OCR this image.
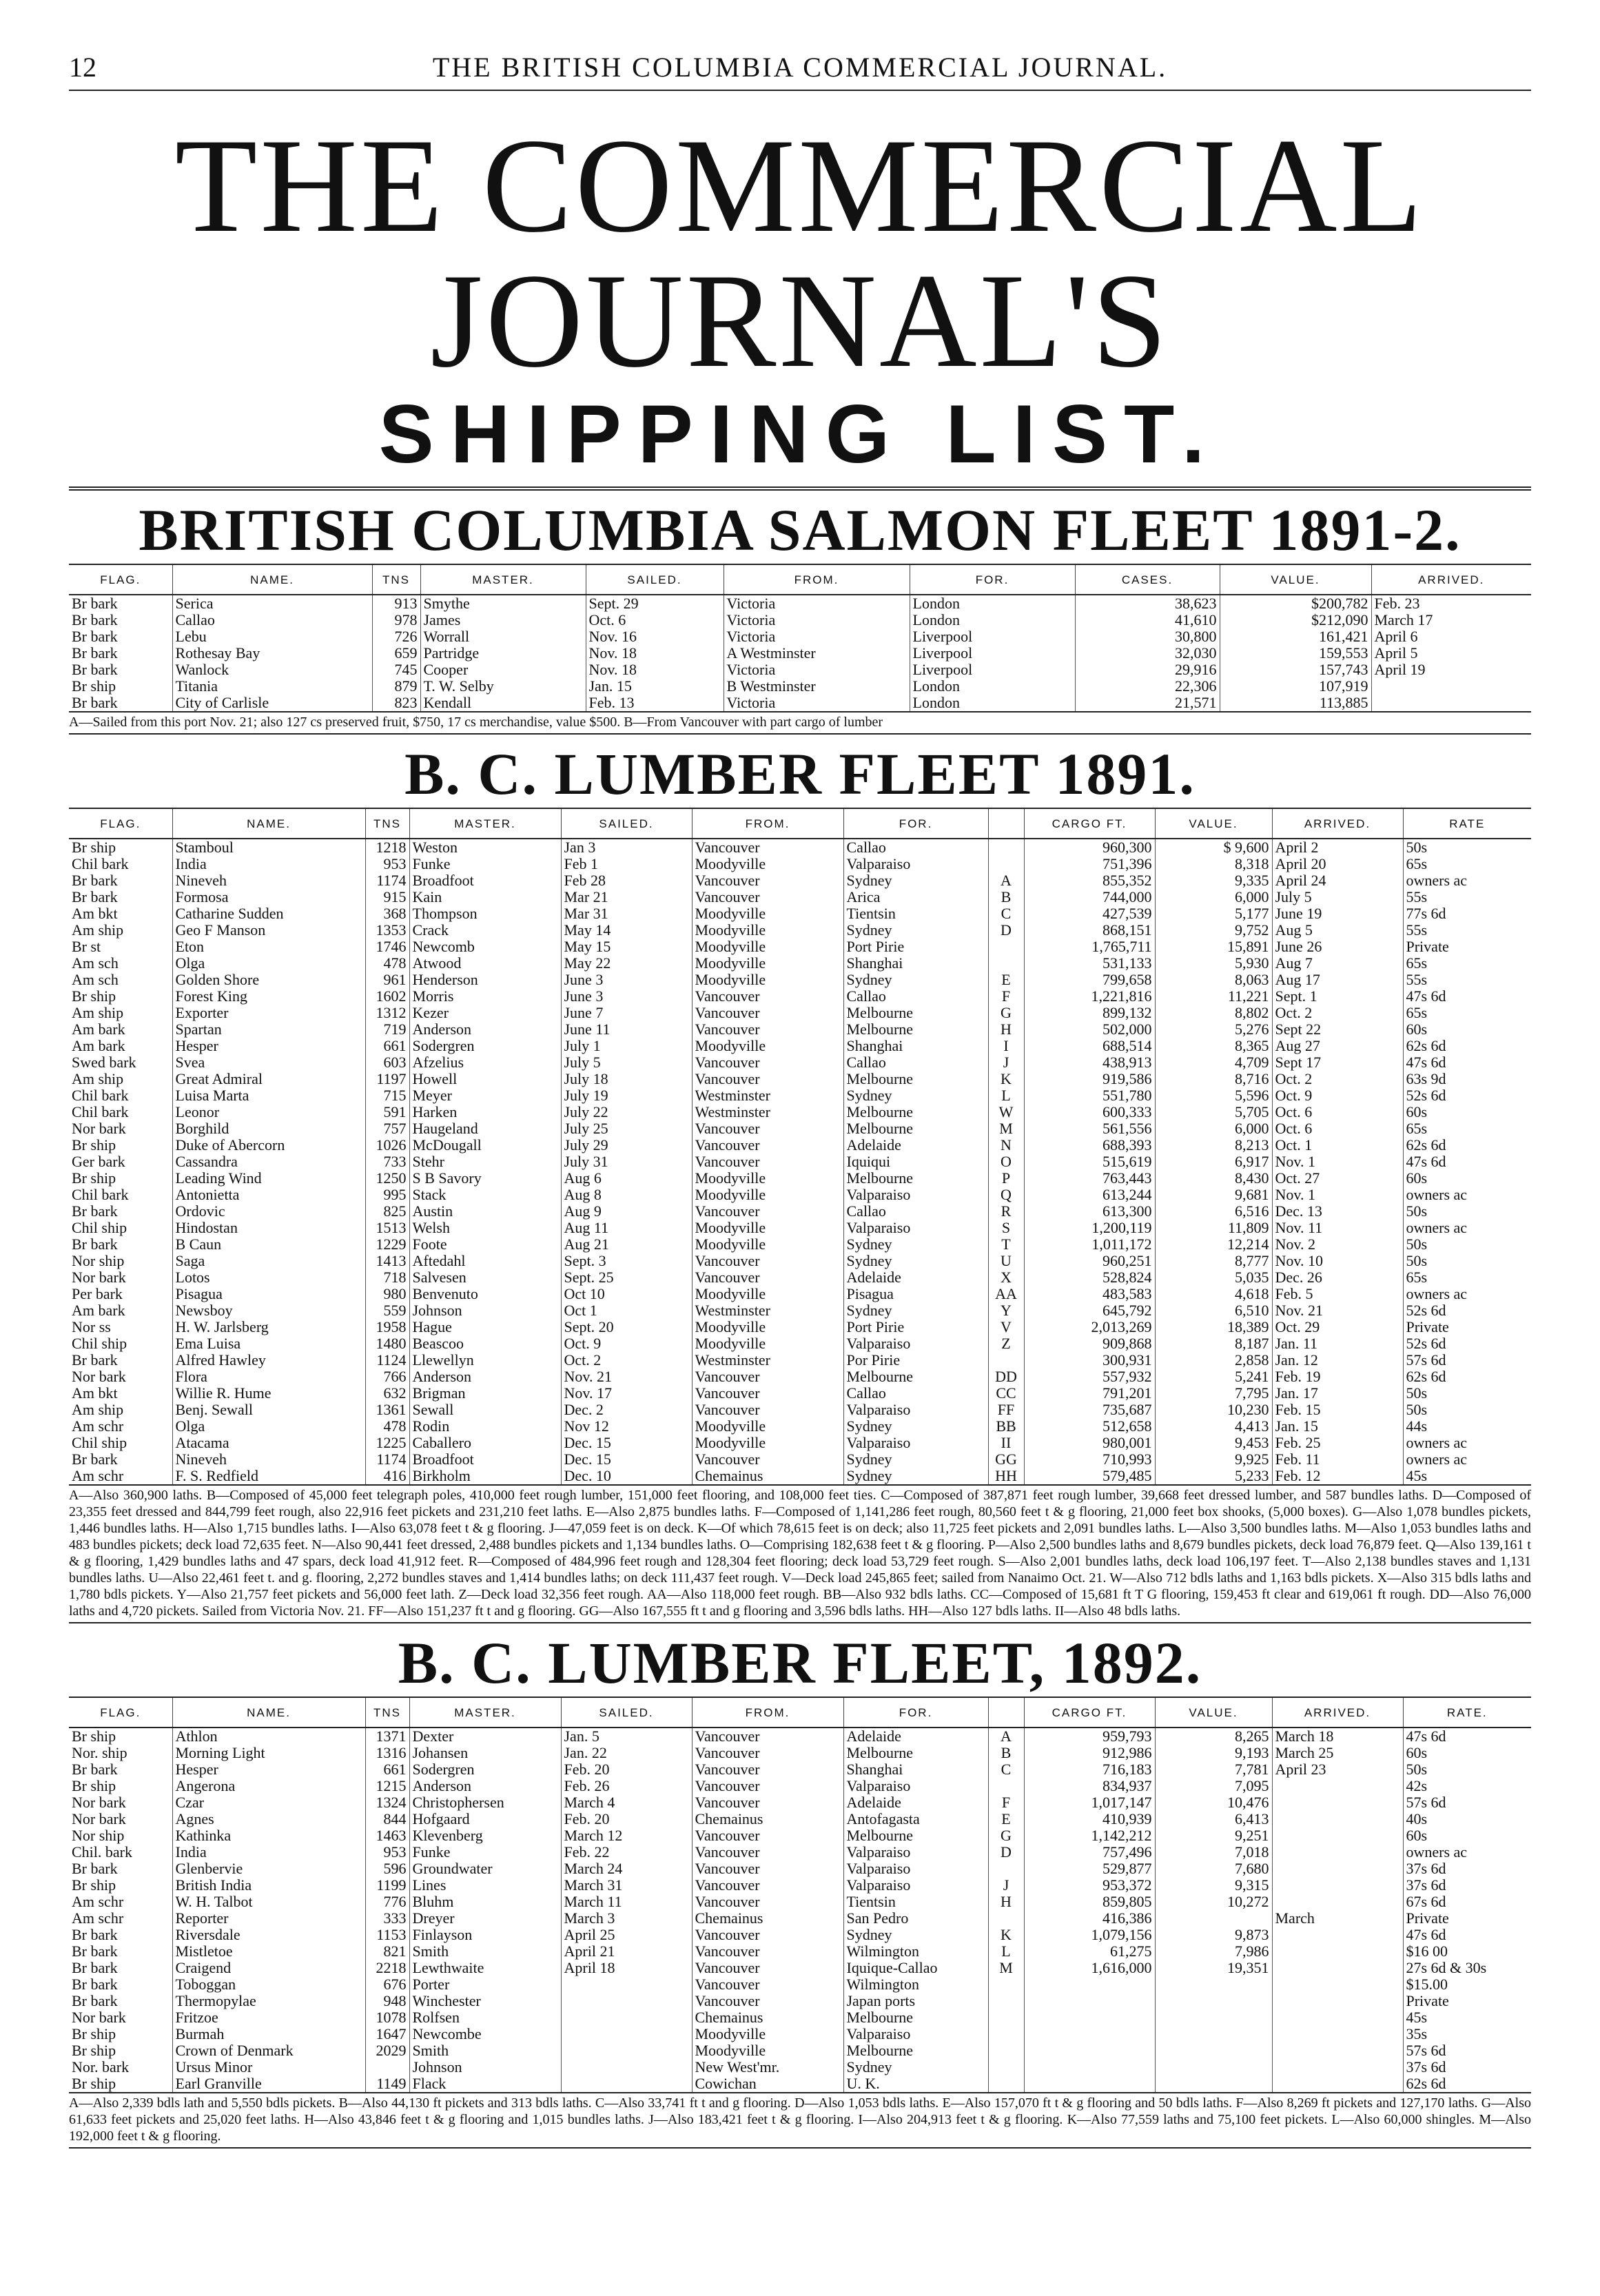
12	THE BRITISH COLUMBIA COMMERCIAL JOURNAL.
THE COMMERCIAL JOURNAL'S
SHIPPING LIST.
BRITISH COLUMBIA SALMON FLEET 1891-2.
FLAG.	NAME.	TNS	MASTER.	SAILED.	FROM.	FOR.	CASES.	VALUE.	ARRIVED.
Br bark	Serica	913	Smythe	Sept. 29	Victoria	London	38,623	$200,782	Feb. 23
Br bark	Callao	978	James	Oct. 6	Victoria	London	41,610	$212,090	March 17
Br bark	Lebu	726	Worrall	Nov. 16	Victoria	Liverpool	30,800	161,421	April 6
Br bark	Rothesay Bay	659	Partridge	Nov. 18	A Westminster	Liverpool	32,030	159,553	April 5
Br bark	Wanlock	745	Cooper	Nov. 18	Victoria	Liverpool	29,916	157,743	April 19
Br ship	Titania	879	T. W. Selby	Jan. 15	B Westminster	London	22,306	107,919	
Br bark	City of Carlisle	823	Kendall	Feb. 13	Victoria	London	21,571	113,885	

A—Sailed from this port Nov. 21; also 127 cs preserved fruit, $750, 17 cs merchandise, value $500. B—From Vancouver with part cargo of lumber

B. C. LUMBER FLEET 1891.
FLAG.	NAME.	TNS	MASTER.	SAILED.	FROM.	FOR.		CARGO FT.	VALUE.	ARRIVED.	RATE
Br ship	Stamboul	1218	Weston	Jan 3	Vancouver	Callao		960,300	$ 9,600	April 2	50s
Chil bark	India	953	Funke	Feb 1	Moodyville	Valparaiso		751,396	8,318	April 20	65s
Br bark	Nineveh	1174	Broadfoot	Feb 28	Vancouver	Sydney	A	855,352	9,335	April 24	owners ac
Br bark	Formosa	915	Kain	Mar 21	Vancouver	Arica	B	744,000	6,000	July 5	55s
Am bkt	Catharine Sudden	368	Thompson	Mar 31	Moodyville	Tientsin	C	427,539	5,177	June 19	77s 6d
Am ship	Geo F Manson	1353	Crack	May 14	Moodyville	Sydney	D	868,151	9,752	Aug 5	55s
Br st	Eton	1746	Newcomb	May 15	Moodyville	Port Pirie		1,765,711	15,891	June 26	Private
Am sch	Olga	478	Atwood	May 22	Moodyville	Shanghai		531,133	5,930	Aug 7	65s
Am sch	Golden Shore	961	Henderson	June 3	Moodyville	Sydney	E	799,658	8,063	Aug 17	55s
Br ship	Forest King	1602	Morris	June 3	Vancouver	Callao	F	1,221,816	11,221	Sept. 1	47s 6d
Am ship	Exporter	1312	Kezer	June 7	Vancouver	Melbourne	G	899,132	8,802	Oct. 2	65s
Am bark	Spartan	719	Anderson	June 11	Vancouver	Melbourne	H	502,000	5,276	Sept 22	60s
Am bark	Hesper	661	Sodergren	July 1	Moodyville	Shanghai	I	688,514	8,365	Aug 27	62s 6d
Swed bark	Svea	603	Afzelius	July 5	Vancouver	Callao	J	438,913	4,709	Sept 17	47s 6d
Am ship	Great Admiral	1197	Howell	July 18	Vancouver	Melbourne	K	919,586	8,716	Oct. 2	63s 9d
Chil bark	Luisa Marta	715	Meyer	July 19	Westminster	Sydney	L	551,780	5,596	Oct. 9	52s 6d
Chil bark	Leonor	591	Harken	July 22	Westminster	Melbourne	W	600,333	5,705	Oct. 6	60s
Nor bark	Borghild	757	Haugeland	July 25	Vancouver	Melbourne	M	561,556	6,000	Oct. 6	65s
Br ship	Duke of Abercorn	1026	McDougall	July 29	Vancouver	Adelaide	N	688,393	8,213	Oct. 1	62s 6d
Ger bark	Cassandra	733	Stehr	July 31	Vancouver	Iquiqui	O	515,619	6,917	Nov. 1	47s 6d
Br ship	Leading Wind	1250	S B Savory	Aug 6	Moodyville	Melbourne	P	763,443	8,430	Oct. 27	60s
Chil bark	Antonietta	995	Stack	Aug 8	Moodyville	Valparaiso	Q	613,244	9,681	Nov. 1	owners ac
Br bark	Ordovic	825	Austin	Aug 9	Vancouver	Callao	R	613,300	6,516	Dec. 13	50s
Chil ship	Hindostan	1513	Welsh	Aug 11	Moodyville	Valparaiso	S	1,200,119	11,809	Nov. 11	owners ac
Br bark	B Caun	1229	Foote	Aug 21	Moodyville	Sydney	T	1,011,172	12,214	Nov. 2	50s
Nor ship	Saga	1413	Aftedahl	Sept. 3	Vancouver	Sydney	U	960,251	8,777	Nov. 10	50s
Nor bark	Lotos	718	Salvesen	Sept. 25	Vancouver	Adelaide	X	528,824	5,035	Dec. 26	65s
Per bark	Pisagua	980	Benvenuto	Oct 10	Moodyville	Pisagua	AA	483,583	4,618	Feb. 5	owners ac
Am bark	Newsboy	559	Johnson	Oct 1	Westminster	Sydney	Y	645,792	6,510	Nov. 21	52s 6d
Nor ss	H. W. Jarlsberg	1958	Hague	Sept. 20	Moodyville	Port Pirie	V	2,013,269	18,389	Oct. 29	Private
Chil ship	Ema Luisa	1480	Beascoo	Oct. 9	Moodyville	Valparaiso	Z	909,868	8,187	Jan. 11	52s 6d
Br bark	Alfred Hawley	1124	Llewellyn	Oct. 2	Westminster	Por Pirie		300,931	2,858	Jan. 12	57s 6d
Nor bark	Flora	766	Anderson	Nov. 21	Vancouver	Melbourne	DD	557,932	5,241	Feb. 19	62s 6d
Am bkt	Willie R. Hume	632	Brigman	Nov. 17	Vancouver	Callao	CC	791,201	7,795	Jan. 17	50s
Am ship	Benj. Sewall	1361	Sewall	Dec. 2	Vancouver	Valparaiso	FF	735,687	10,230	Feb. 15	50s
Am schr	Olga	478	Rodin	Nov 12	Moodyville	Sydney	BB	512,658	4,413	Jan. 15	44s
Chil ship	Atacama	1225	Caballero	Dec. 15	Moodyville	Valparaiso	II	980,001	9,453	Feb. 25	owners ac
Br bark	Nineveh	1174	Broadfoot	Dec. 15	Vancouver	Sydney	GG	710,993	9,925	Feb. 11	owners ac
Am schr	F. S. Redfield	416	Birkholm	Dec. 10	Chemainus	Sydney	HH	579,485	5,233	Feb. 12	45s

A—Also 360,900 laths. B—Composed of 45,000 feet telegraph poles, 410,000 feet rough lumber, 151,000 feet flooring, and 108,000 feet ties. C—Composed of 387,871 feet rough lumber, 39,668 feet dressed lumber, and 587 bundles laths. D—Composed of 23,355 feet dressed and 844,799 feet rough, also 22,916 feet pickets and 231,210 feet laths. E—Also 2,875 bundles laths. F—Composed of 1,141,286 feet rough, 80,560 feet t & g flooring, 21,000 feet box shooks, (5,000 boxes). G—Also 1,078 bundles pickets, 1,446 bundles laths. H—Also 1,715 bundles laths. I—Also 63,078 feet t & g flooring. J—47,059 feet is on deck. K—Of which 78,615 feet is on deck; also 11,725 feet pickets and 2,091 bundles laths. L—Also 3,500 bundles laths. M—Also 1,053 bundles laths and 483 bundles pickets; deck load 72,635 feet. N—Also 90,441 feet dressed, 2,488 bundles pickets and 1,134 bundles laths. O—Comprising 182,638 feet t & g flooring. P—Also 2,500 bundles laths and 8,679 bundles pickets, deck load 76,879 feet. Q—Also 139,161 t & g flooring, 1,429 bundles laths and 47 spars, deck load 41,912 feet. R—Composed of 484,996 feet rough and 128,304 feet flooring; deck load 53,729 feet rough. S—Also 2,001 bundles laths, deck load 106,197 feet. T—Also 2,138 bundles staves and 1,131 bundles laths. U—Also 22,461 feet t. and g. flooring, 2,272 bundles staves and 1,414 bundles laths; on deck 111,437 feet rough. V—Deck load 245,865 feet; sailed from Nanaimo Oct. 21. W—Also 712 bdls laths and 1,163 bdls pickets. X—Also 315 bdls laths and 1,780 bdls pickets. Y—Also 21,757 feet pickets and 56,000 feet lath. Z—Deck load 32,356 feet rough. AA—Also 118,000 feet rough. BB—Also 932 bdls laths. CC—Composed of 15,681 ft T G flooring, 159,453 ft clear and 619,061 ft rough. DD—Also 76,000 laths and 4,720 pickets. Sailed from Victoria Nov. 21. FF—Also 151,237 ft t and g flooring. GG—Also 167,555 ft t and g flooring and 3,596 bdls laths. HH—Also 127 bdls laths. II—Also 48 bdls laths.

B. C. LUMBER FLEET, 1892.
FLAG.	NAME.	TNS	MASTER.	SAILED.	FROM.	FOR.		CARGO FT.	VALUE.	ARRIVED.	RATE.
Br ship	Athlon	1371	Dexter	Jan. 5	Vancouver	Adelaide	A	959,793	8,265	March 18	47s 6d
Nor. ship	Morning Light	1316	Johansen	Jan. 22	Vancouver	Melbourne	B	912,986	9,193	March 25	60s
Br bark	Hesper	661	Sodergren	Feb. 20	Vancouver	Shanghai	C	716,183	7,781	April 23	50s
Br ship	Angerona	1215	Anderson	Feb. 26	Vancouver	Valparaiso		834,937	7,095		42s
Nor bark	Czar	1324	Christophersen	March 4	Vancouver	Adelaide	F	1,017,147	10,476		57s 6d
Nor bark	Agnes	844	Hofgaard	Feb. 20	Chemainus	Antofagasta	E	410,939	6,413		40s
Nor ship	Kathinka	1463	Klevenberg	March 12	Vancouver	Melbourne	G	1,142,212	9,251		60s
Chil. bark	India	953	Funke	Feb. 22	Vancouver	Valparaiso	D	757,496	7,018		owners ac
Br bark	Glenbervie	596	Groundwater	March 24	Vancouver	Valparaiso		529,877	7,680		37s 6d
Br ship	British India	1199	Lines	March 31	Vancouver	Valparaiso	J	953,372	9,315		37s 6d
Am schr	W. H. Talbot	776	Bluhm	March 11	Vancouver	Tientsin	H	859,805	10,272		67s 6d
Am schr	Reporter	333	Dreyer	March 3	Chemainus	San Pedro		416,386		March	Private
Br bark	Riversdale	1153	Finlayson	April 25	Vancouver	Sydney	K	1,079,156	9,873		47s 6d
Br bark	Mistletoe	821	Smith	April 21	Vancouver	Wilmington	L	61,275	7,986		$16 00
Br bark	Craigend	2218	Lewthwaite	April 18	Vancouver	Iquique-Callao	M	1,616,000	19,351		27s 6d & 30s
Br bark	Toboggan	676	Porter		Vancouver	Wilmington					$15.00
Br bark	Thermopylae	948	Winchester		Vancouver	Japan ports					Private
Nor bark	Fritzoe	1078	Rolfsen		Chemainus	Melbourne					45s
Br ship	Burmah	1647	Newcombe		Moodyville	Valparaiso					35s
Br ship	Crown of Denmark	2029	Smith		Moodyville	Melbourne					57s 6d
Nor. bark	Ursus Minor		Johnson		New West'mr.	Sydney					37s 6d
Br ship	Earl Granville	1149	Flack		Cowichan	U. K.					62s 6d

A—Also 2,339 bdls lath and 5,550 bdls pickets. B—Also 44,130 ft pickets and 313 bdls laths. C—Also 33,741 ft t and g flooring. D—Also 1,053 bdls laths. E—Also 157,070 ft t & g flooring and 50 bdls laths. F—Also 8,269 ft pickets and 127,170 laths. G—Also 61,633 feet pickets and 25,020 feet laths. H—Also 43,846 feet t & g flooring and 1,015 bundles laths. J—Also 183,421 feet t & g flooring. I—Also 204,913 feet t & g flooring. K—Also 77,559 laths and 75,100 feet pickets. L—Also 60,000 shingles. M—Also 192,000 feet t & g flooring.
